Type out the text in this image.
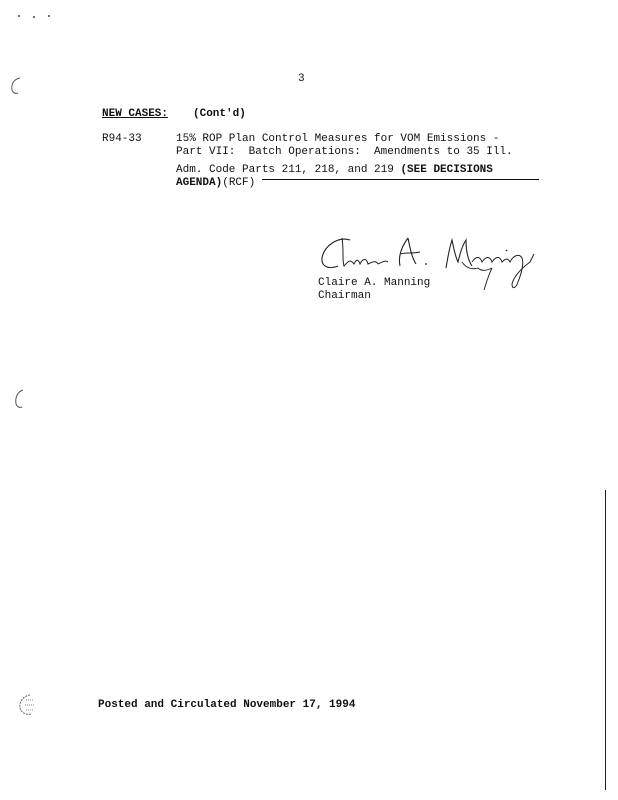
3
NEW CASES: (Cont'd)
R94-33	15% ROP Plan Control Measures for VOM Emissions -
Part VII:  Batch Operations:  Amendments to 35 Ill.
Adm. Code Parts 211, 218, and 219 (SEE DECISIONS
AGENDA)(RCF)
Claire A. Manning
Chairman
Posted and Circulated November 17, 1994
